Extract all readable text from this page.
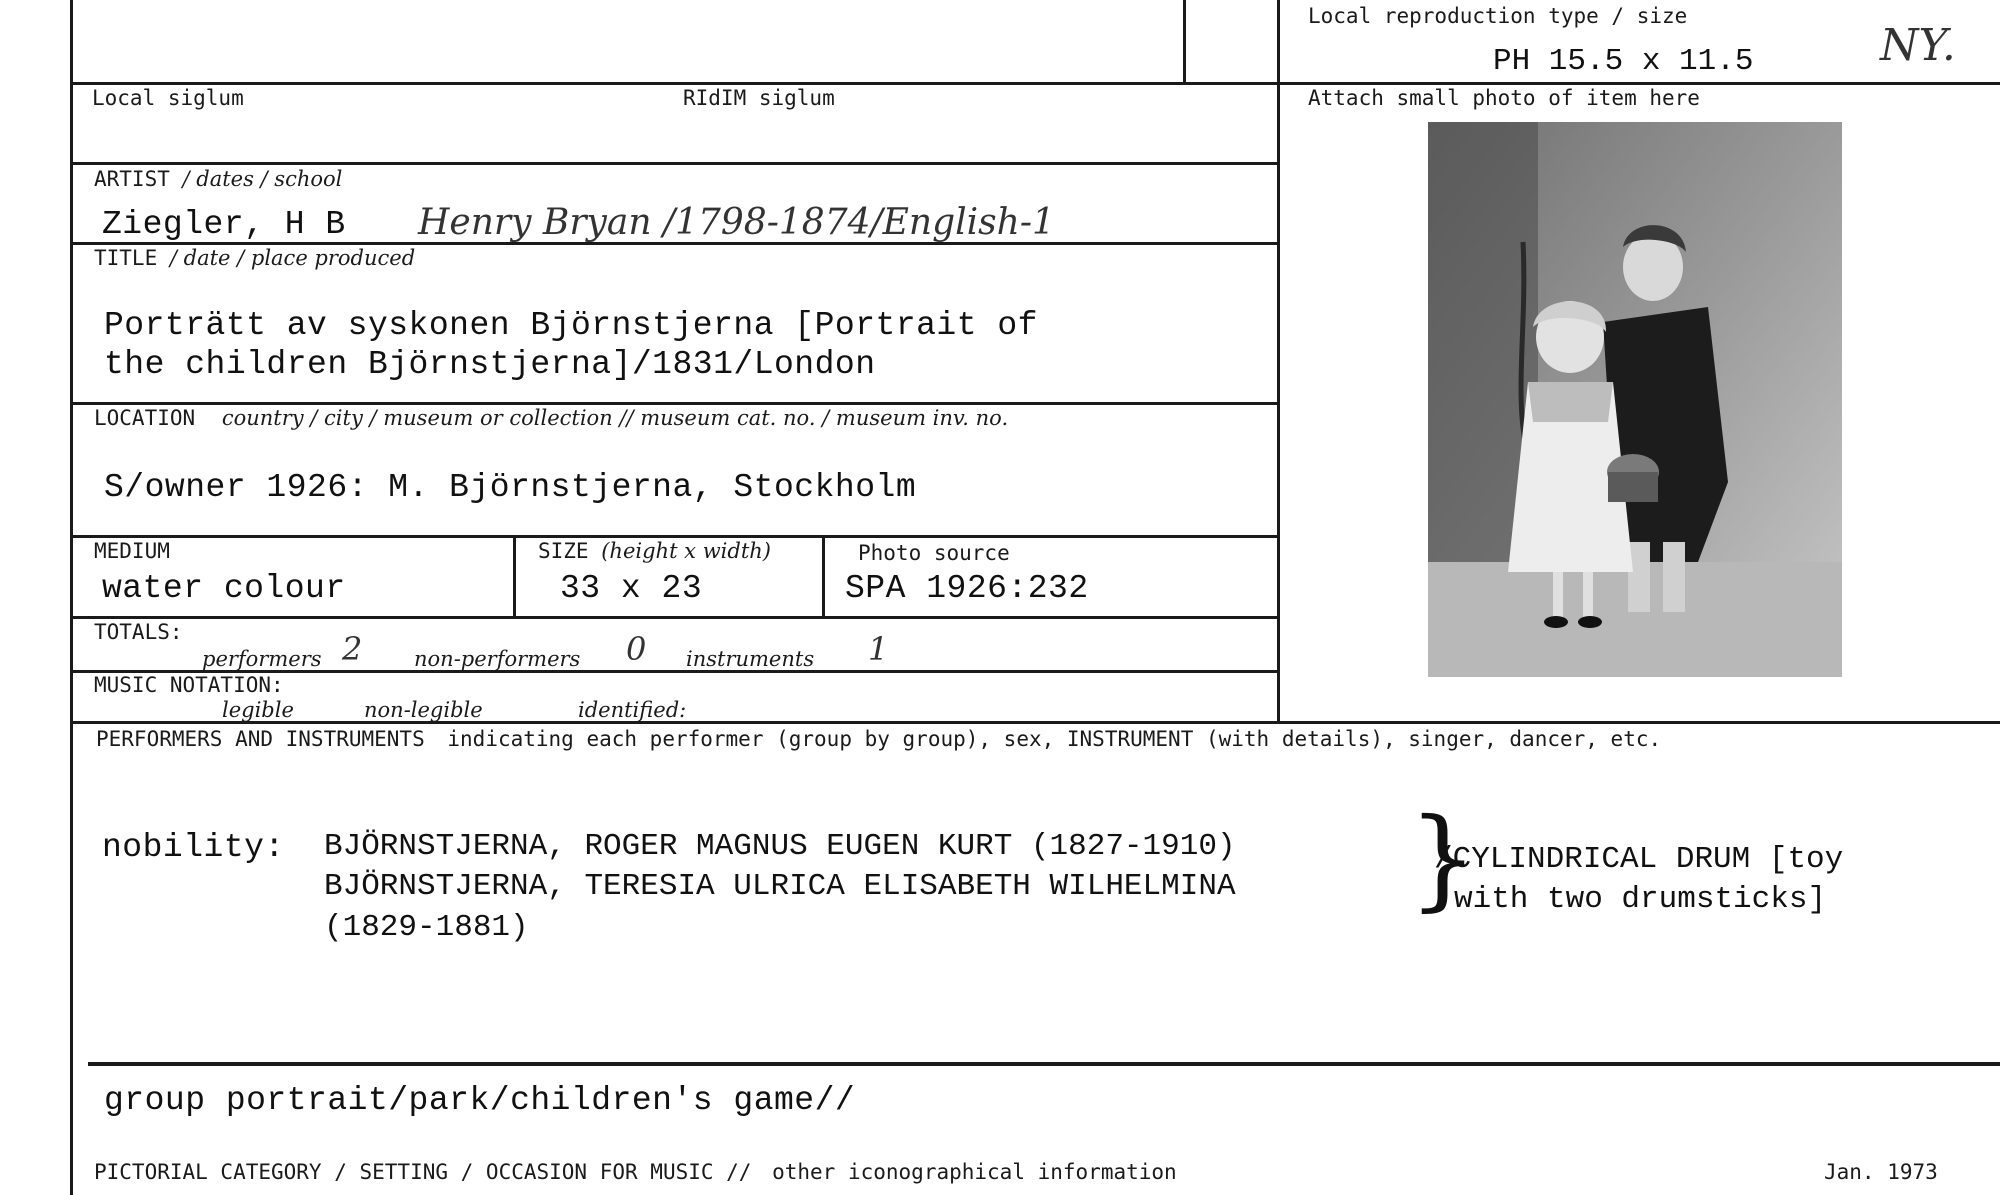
Local reproduction type / size
PH 15.5 x 11.5	NY.
Local siglum	RIdIM siglum	Attach small photo of item here
ARTIST / dates / school
Ziegler, H B Henry Bryan /1798-1874/English-1
TITLE / date / place produced
Porträtt av syskonen Björnstjerna [Portrait of
the children Björnstjerna]/1831/London
LOCATION country / city / museum or collection // museum cat. no. / museum inv. no.
S/owner 1926: M. Björnstjerna, Stockholm
MEDIUM
water colour
SIZE (height x width)
33 x 23
Photo source
SPA 1926:232
TOTALS:
performers 2 non-performers 0 instruments 1
MUSIC NOTATION:
legible	non-legible	identified:
PERFORMERS AND INSTRUMENTS indicating each performer (group by group), sex, INSTRUMENT (with details), singer, dancer, etc.
nobility: BJÖRNSTJERNA, ROGER MAGNUS EUGEN KURT (1827-1910)
BJÖRNSTJERNA, TERESIA ULRICA ELISABETH WILHELMINA
(1829-1881)
}
/CYLINDRICAL DRUM [toy
with two drumsticks]
group portrait/park/children's game//
PICTORIAL CATEGORY / SETTING / OCCASION FOR MUSIC // other iconographical information	Jan. 1973
